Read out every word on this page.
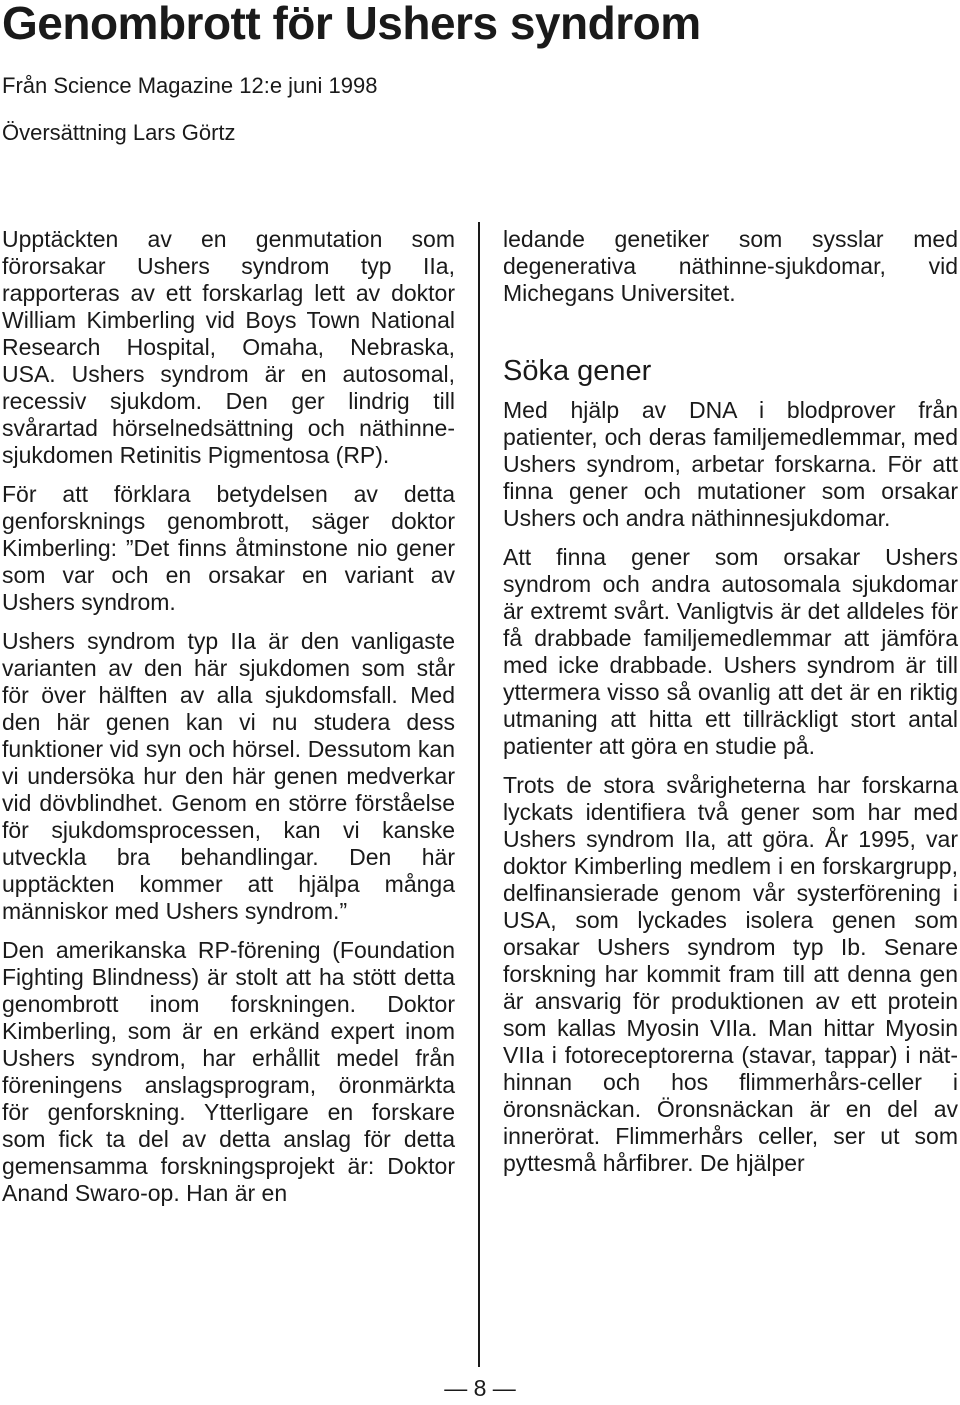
Genombrott för Ushers syndrom
Från Science Magazine 12:e juni 1998
Översättning Lars Görtz

Upptäckten av en genmutation som förorsakar Ushers syndrom typ IIa, rapporteras av ett forskarlag lett av doktor William Kimberling vid Boys Town National Research Hospital, Omaha, Nebraska, USA. Ushers syndrom är en autosomal, recessiv sjukdom. Den ger lindrig till svårartad hörselnedsättning och näthinne-sjukdomen Retinitis Pigmentosa (RP).

För att förklara betydelsen av detta genforsknings genombrott, säger doktor Kimberling: ”Det finns åtminstone nio gener som var och en orsakar en variant av Ushers syndrom.

Ushers syndrom typ IIa är den vanligaste varianten av den här sjukdomen som står för över hälften av alla sjukdomsfall. Med den här genen kan vi nu studera dess funktioner vid syn och hörsel. Dessutom kan vi undersöka hur den här genen medverkar vid dövblindhet. Genom en större förståelse för sjukdomsprocessen, kan vi kanske utveckla bra behandlingar. Den här upptäckten kommer att hjälpa många människor med Ushers syndrom.”

Den amerikanska RP-förening (Foundation Fighting Blindness) är stolt att ha stött detta genombrott inom forskningen. Doktor Kimberling, som är en erkänd expert inom Ushers syndrom, har erhållit medel från föreningens anslagsprogram, öronmärkta för genforskning. Ytterligare en forskare som fick ta del av detta anslag för detta gemensamma forskningsprojekt är: Doktor Anand Swaro-op. Han är en

ledande genetiker som sysslar med degenerativa näthinne-sjukdomar, vid Michegans Universitet.

Söka gener

Med hjälp av DNA i blodprover från patienter, och deras familjemedlemmar, med Ushers syndrom, arbetar forskarna. För att finna gener och mutationer som orsakar Ushers och andra näthinnesjukdomar.

Att finna gener som orsakar Ushers syndrom och andra autosomala sjukdomar är extremt svårt. Vanligtvis är det alldeles för få drabbade familjemedlemmar att jämföra med icke drabbade. Ushers syndrom är till yttermera visso så ovanlig att det är en riktig utmaning att hitta ett tillräckligt stort antal patienter att göra en studie på.

Trots de stora svårigheterna har forskarna lyckats identifiera två gener som har med Ushers syndrom IIa, att göra. År 1995, var doktor Kimberling medlem i en forskargrupp, delfinansierade genom vår systerförening i USA, som lyckades isolera genen som orsakar Ushers syndrom typ Ib. Senare forskning har kommit fram till att denna gen är ansvarig för produktionen av ett protein som kallas Myosin VIIa. Man hittar Myosin VIIa i fotoreceptorerna (stavar, tappar) i näthinnan och hos flimmerhårs-celler i öronsnäckan. Öronsnäckan är en del av innerörat. Flimmerhårs celler, ser ut som pyttesmå hårfibrer. De hjälper

— 8 —
